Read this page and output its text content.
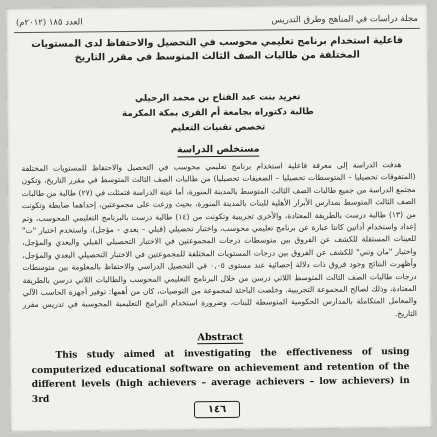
العدد ١٨٥ (٢٠١٢م)	مجلة دراسات في المناهج وطرق التدريس
فاعلية استخدام برنامج تعليمي محوسب في التحصيل والاحتفاظ لدى المستويات المختلفة من طالبات الصف الثالث المتوسط في مقرر التاريخ
تغريد بنت عبد الفتاح بن محمد الرحيلي
طالبة دكتوراه بجامعة أم القرى بمكة المكرمة
تخصص تقنيات التعليم
مستخلص الدراسة
هدفت الدراسة إلى معرفة فاعلية استخدام برنامج تعليمي محوسب في التحصيل والاحتفاظ للمستويات المختلفة (المتفوقات تحصيليا – المتوسطات تحصيليا – الضعيفات تحصيليا) من طالبات الصف الثالث المتوسط في مقرر التاريخ، وتكون مجتمع الدراسة من جميع طالبات الصف الثالث المتوسط بالمدينة المنورة، أما عينة الدراسة فتمثلت في (٢٧) طالبة من طالبات الصف الثالث المتوسط بمدارس الأبرار الأهلية للبنات بالمدينة المنورة، بحيث وزعت على مجموعتين، إحداهما ضابطة وتكونت من (١٣) طالبة درست بالطريقة المعتادة، والأخرى تجريبية وتكونت من (١٤) طالبة درست بالبرنامج التعليمي المحوسب، وتم إعداد واستخدام أداتين كانتا عبارة عن برنامج تعليمي محوسب، واختبار تحصيلي (قبلي – بعدي – مؤجل)، واستخدم اختبار "ت" للعينات المستقلة للكشف عن الفروق بين متوسطات درجات المجموعتين في الاختبار التحصيلي القبلي والبعدي والمؤجل، واختبار "مان وتني" للكشف عن الفروق بين درجات المستويات المختلفة للمجموعتين في الاختبار التحصيلي البعدي والمؤجل، وأظهرت النتائج وجود فروق ذات دلالة إحصائية عند مستوى ٠,٠٥ في التحصيل الدراسي والاحتفاظ بالمعلومة بين متوسطات درجات طالبات الصف الثالث المتوسط اللاتي درسن من خلال البرنامج التعليمي المحوسب والطالبات اللاتي درسن بالطريقة المعتادة، وذلك لصالح المجموعة التجريبية. وخلصت الباحثة لمجموعة من التوصيات، كان من أهمها: توفير أجهزة الحاسب الآلي والمعامل المتكاملة بالمدارس الحكومية المتوسطة للبنات، وضرورة استخدام البرامج التعليمية المحوسبة في تدريس مقرر التاريخ.
Abstract
This study aimed at investigating the effectiveness of using computerized educational software on achievement and retention of the different levels (high achievers – average achievers – low achievers) in 3rd
١٤٦
